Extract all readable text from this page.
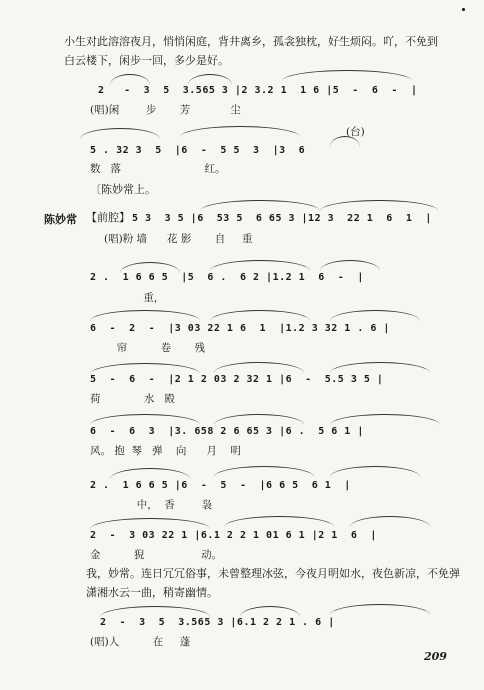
小生对此溶溶夜月，悄悄闲庭，背井离乡，孤衾独枕，好生烦闷。吖，不免到
白云楼下，闲步一回，多少是好。
2   -  3  5  3.565 3 |2 3.2 1  1 6 |5  -  6  -  |
(唱)闲        步       芳            尘
(台)
5 . 32 3  5  |6  -  5 5  3  |3  6
数   落                         红。
〔陈妙常上。
陈妙常 【前腔】 5 3  3 5 |6  53 5  6 65 3 |12 3  22 1  6  1  |
(唱)粉 墙      花 影       自     重
2 .  1 6 6 5  |5  6 .  6 2 |1.2 1  6  -  |
重，
6  -  2  -  |3 03 22 1 6  1  |1.2 3 32 1 . 6 |
帘          卷       残
5  -  6  -  |2 1 2 03 2 32 1 |6  -  5.5 3 5 |
荷             水   殿
6  -  6  3  |3. 658 2 6 65 3 |6 .  5 6 1 |
风。 抱  琴   弹    向      月    明
2 .  1 6 6 5 |6  -  5  -  |6 6 5  6 1  |
中，  香        袅
2  -  3 03 22 1 |6.1 2 2 1 01 6 1 |2 1  6  |
金          猊                 动。
我，妙常。连日冗冗俗事，未曾整理冰弦，今夜月明如水，夜色新凉，不免弹
潇湘水云一曲，稍寄幽情。
2  -  3  5  3.565 3 |6.1 2 2 1 . 6 |
(唱)人          在     蓬
209
